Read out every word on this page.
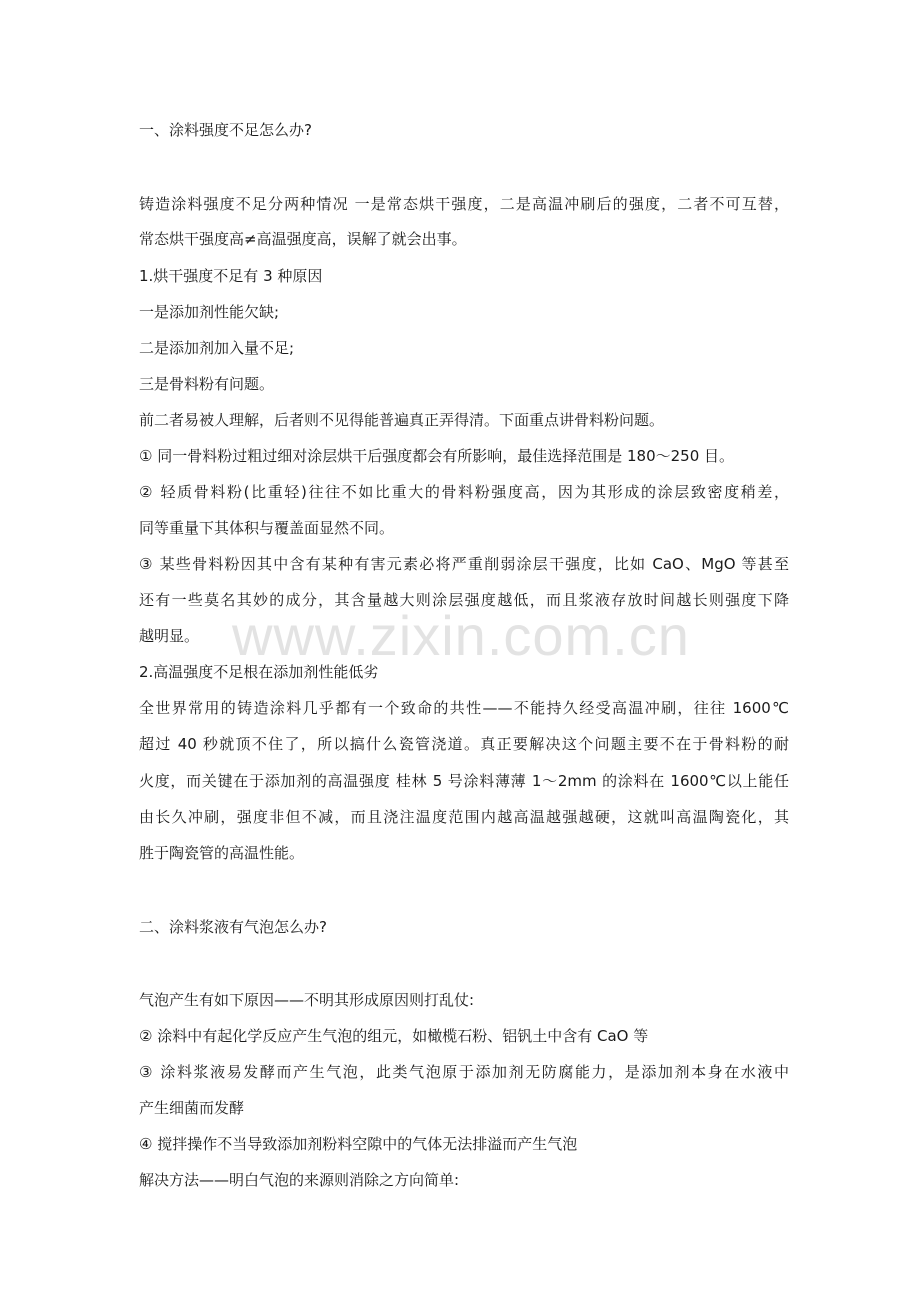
www.zixin.com.cn
一、涂料强度不足怎么办?
铸造涂料强度不足分两种情况 一是常态烘干强度，二是高温冲刷后的强度，二者不可互替，
常态烘干强度高≠高温强度高，误解了就会出事。
1.烘干强度不足有 3 种原因
一是添加剂性能欠缺;
二是添加剂加入量不足;
三是骨料粉有问题。
前二者易被人理解，后者则不见得能普遍真正弄得清。下面重点讲骨料粉问题。
① 同一骨料粉过粗过细对涂层烘干后强度都会有所影响，最佳选择范围是 180～250 目。
② 轻质骨料粉(比重轻)往往不如比重大的骨料粉强度高，因为其形成的涂层致密度稍差，
同等重量下其体积与覆盖面显然不同。
③ 某些骨料粉因其中含有某种有害元素必将严重削弱涂层干强度，比如 CaO、MgO 等甚至
还有一些莫名其妙的成分，其含量越大则涂层强度越低，而且浆液存放时间越长则强度下降
越明显。
2.高温强度不足根在添加剂性能低劣
全世界常用的铸造涂料几乎都有一个致命的共性——不能持久经受高温冲刷，往往 1600℃
超过 40 秒就顶不住了，所以搞什么瓷管浇道。真正要解决这个问题主要不在于骨料粉的耐
火度，而关键在于添加剂的高温强度 桂林 5 号涂料薄薄 1～2mm 的涂料在 1600℃以上能任
由长久冲刷，强度非但不减，而且浇注温度范围内越高温越强越硬，这就叫高温陶瓷化，其
胜于陶瓷管的高温性能。
二、涂料浆液有气泡怎么办?
气泡产生有如下原因——不明其形成原因则打乱仗:
② 涂料中有起化学反应产生气泡的组元，如橄榄石粉、铝钒土中含有 CaO 等
③ 涂料浆液易发酵而产生气泡，此类气泡原于添加剂无防腐能力，是添加剂本身在水液中
产生细菌而发酵
④ 搅拌操作不当导致添加剂粉料空隙中的气体无法排溢而产生气泡
解决方法——明白气泡的来源则消除之方向简单:
